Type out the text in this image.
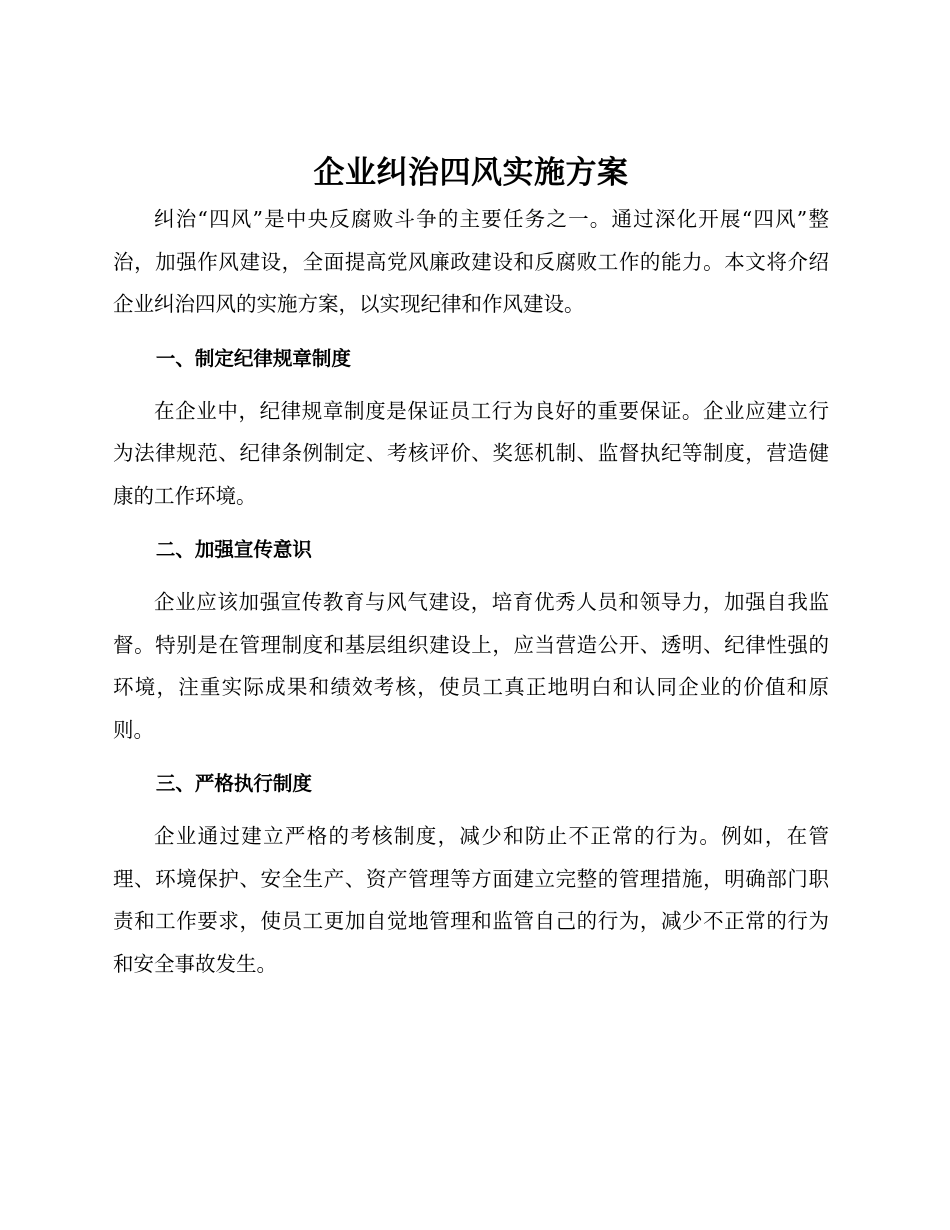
企业纠治四风实施方案

纠治“四风”是中央反腐败斗争的主要任务之一。通过深化开展“四风”整治，加强作风建设，全面提高党风廉政建设和反腐败工作的能力。本文将介绍企业纠治四风的实施方案，以实现纪律和作风建设。

一、制定纪律规章制度

在企业中，纪律规章制度是保证员工行为良好的重要保证。企业应建立行为法律规范、纪律条例制定、考核评价、奖惩机制、监督执纪等制度，营造健康的工作环境。

二、加强宣传意识

企业应该加强宣传教育与风气建设，培育优秀人员和领导力，加强自我监督。特别是在管理制度和基层组织建设上，应当营造公开、透明、纪律性强的环境，注重实际成果和绩效考核，使员工真正地明白和认同企业的价值和原则。

三、严格执行制度

企业通过建立严格的考核制度，减少和防止不正常的行为。例如，在管理、环境保护、安全生产、资产管理等方面建立完整的管理措施，明确部门职责和工作要求，使员工更加自觉地管理和监管自己的行为，减少不正常的行为和安全事故发生。
